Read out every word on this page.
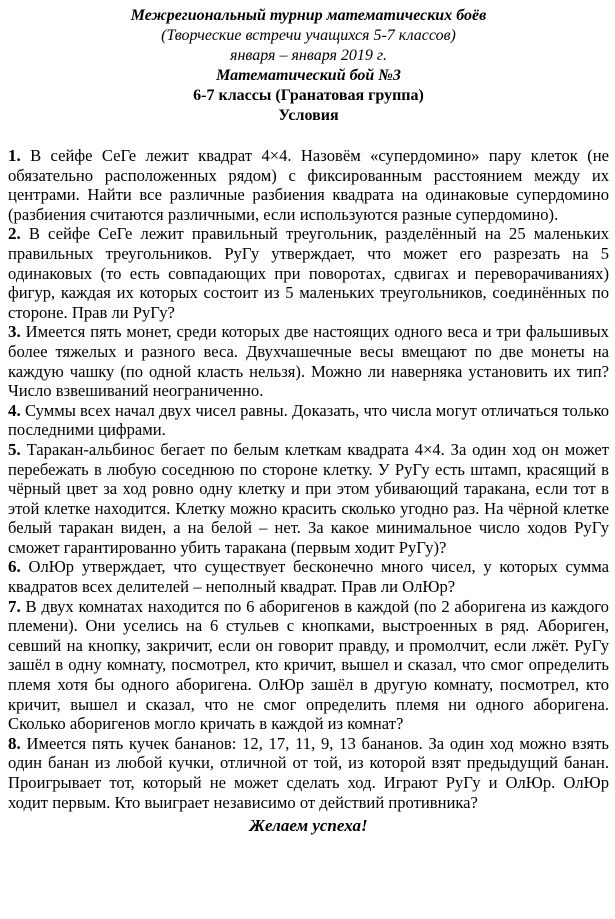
Межрегиональный турнир математических боёв
(Творческие встречи учащихся 5-7 классов)
января – января 2019 г.
Математический бой №3
6-7 классы (Гранатовая группа)
Условия

1. В сейфе СеГе лежит квадрат 4×4. Назовём «супердомино» пару клеток (не обязательно расположенных рядом) с фиксированным расстоянием между их центрами. Найти все различные разбиения квадрата на одинаковые супердомино (разбиения считаются различными, если используются разные супердомино).

2. В сейфе СеГе лежит правильный треугольник, разделённый на 25 маленьких правильных треугольников. РуГу утверждает, что может его разрезать на 5 одинаковых (то есть совпадающих при поворотах, сдвигах и переворачиваниях) фигур, каждая их которых состоит из 5 маленьких треугольников, соединённых по стороне. Прав ли РуГу?

3. Имеется пять монет, среди которых две настоящих одного веса и три фальшивых более тяжелых и разного веса. Двухчашечные весы вмещают по две монеты на каждую чашку (по одной класть нельзя). Можно ли наверняка установить их тип? Число взвешиваний неограниченно.

4. Суммы всех начал двух чисел равны. Доказать, что числа могут отличаться только последними цифрами.

5. Таракан-альбинос бегает по белым клеткам квадрата 4×4. За один ход он может перебежать в любую соседнюю по стороне клетку. У РуГу есть штамп, красящий в чёрный цвет за ход ровно одну клетку и при этом убивающий таракана, если тот в этой клетке находится. Клетку можно красить сколько угодно раз. На чёрной клетке белый таракан виден, а на белой – нет. За какое минимальное число ходов РуГу сможет гарантированно убить таракана (первым ходит РуГу)?

6. ОлЮр утверждает, что существует бесконечно много чисел, у которых сумма квадратов всех делителей – неполный квадрат. Прав ли ОлЮр?

7. В двух комнатах находится по 6 аборигенов в каждой (по 2 аборигена из каждого племени). Они уселись на 6 стульев с кнопками, выстроенных в ряд. Абориген, севший на кнопку, закричит, если он говорит правду, и промолчит, если лжёт. РуГу зашёл в одну комнату, посмотрел, кто кричит, вышел и сказал, что смог определить племя хотя бы одного аборигена. ОлЮр зашёл в другую комнату, посмотрел, кто кричит, вышел и сказал, что не смог определить племя ни одного аборигена. Сколько аборигенов могло кричать в каждой из комнат?

8. Имеется пять кучек бананов: 12, 17, 11, 9, 13 бананов. За один ход можно взять один банан из любой кучки, отличной от той, из которой взят предыдущий банан. Проигрывает тот, который не может сделать ход. Играют РуГу и ОлЮр. ОлЮр ходит первым. Кто выиграет независимо от действий противника?

Желаем успеха!
